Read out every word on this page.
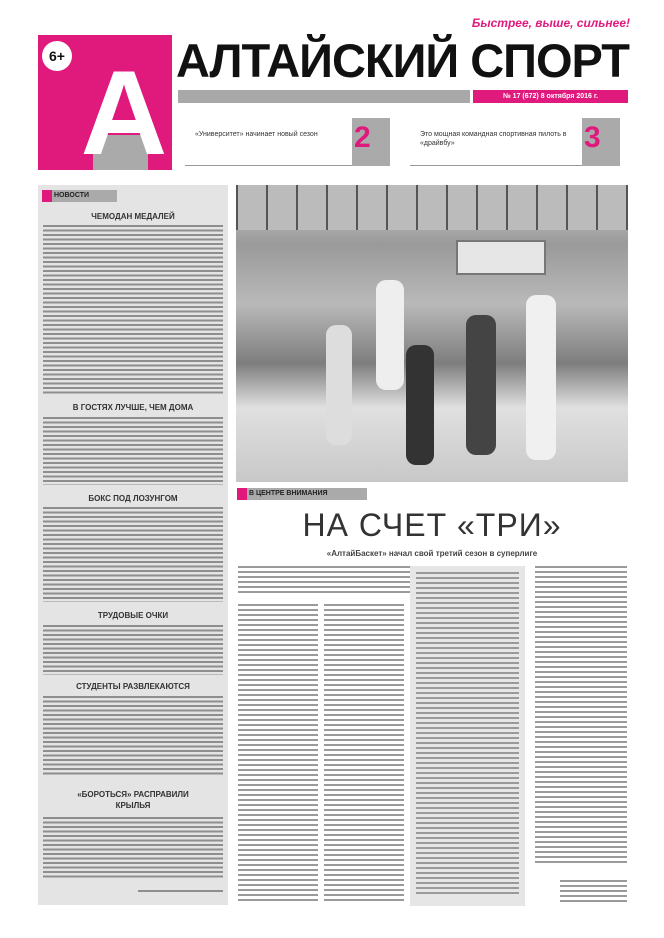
Быстрее, выше, сильнее!
А
6+ АЛТАЙСКИЙ СПОРТ
№ 17 (672) 8 октября 2016 г.
«Университет» начинает новый сезон	2	Это мощная командная спортивная пилоть в «драйвбу»	3
НОВОСТИ
ЧЕМОДАН МЕДАЛЕЙ
В ГОСТЯХ ЛУЧШЕ, ЧЕМ ДОМА
БОКС ПОД ЛОЗУНГОМ
ТРУДОВЫЕ ОЧКИ
СТУДЕНТЫ РАЗВЛЕКАЮТСЯ
«БОРОТЬСЯ» РАСПРАВИЛИ КРЫЛЬЯ
В ЦЕНТРЕ ВНИМАНИЯ
НА СЧЕТ «ТРИ»
«АлтайБаскет» начал свой третий сезон в суперлиге
